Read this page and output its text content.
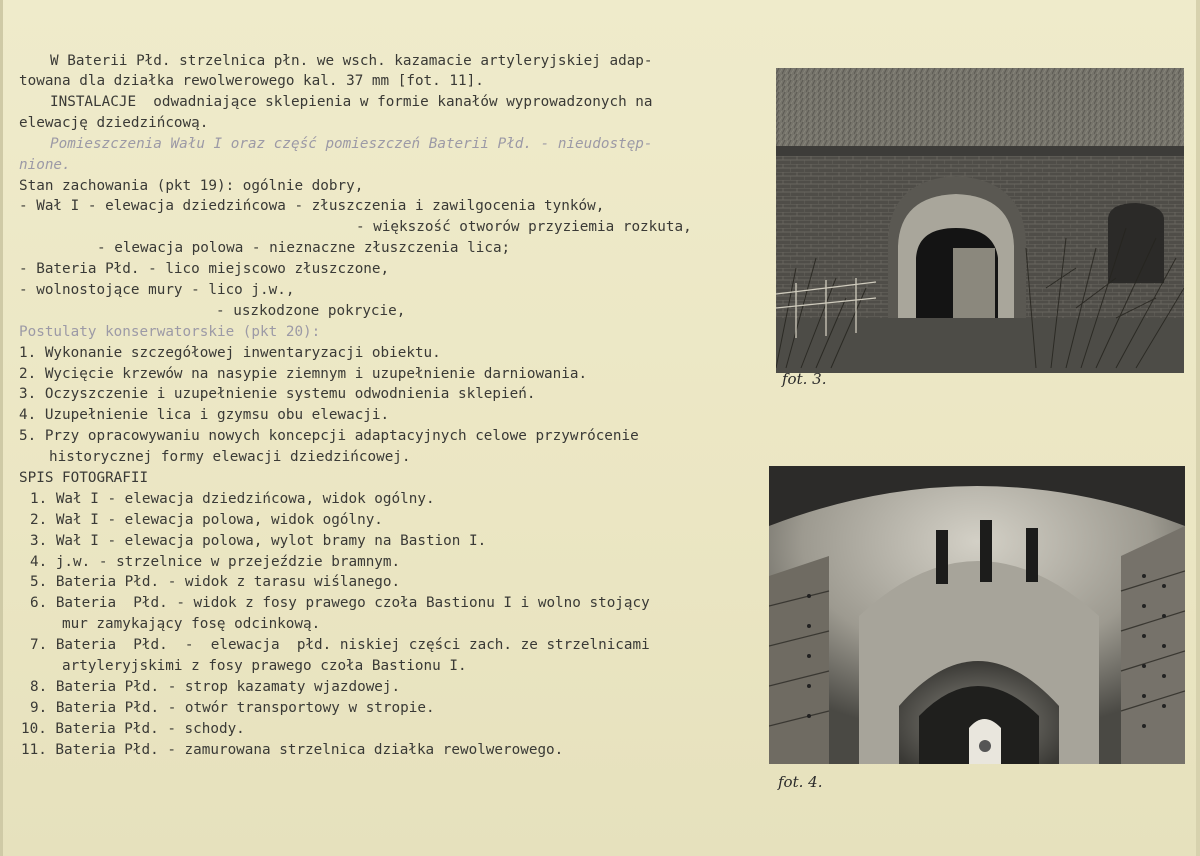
W Baterii Płd. strzelnica płn. we wsch. kazamacie artyleryjskiej adap-
towana dla działka rewolwerowego kal. 37 mm [fot. 11].
INSTALACJE  odwadniające sklepienia w formie kanałów wyprowadzonych na
elewację dziedzińcową.
Pomieszczenia Wału I oraz część pomieszczeń Baterii Płd. - nieudostęp-
nione.
Stan zachowania (pkt 19): ogólnie dobry,
- Wał I - elewacja dziedzińcowa - złuszczenia i zawilgocenia tynków,
- większość otworów przyziemia rozkuta,
- elewacja polowa - nieznaczne złuszczenia lica;
- Bateria Płd. - lico miejscowo złuszczone,
- wolnostojące mury - lico j.w.,
- uszkodzone pokrycie,
Postulaty konserwatorskie (pkt 20):
1. Wykonanie szczegółowej inwentaryzacji obiektu.
2. Wycięcie krzewów na nasypie ziemnym i uzupełnienie darniowania.
3. Oczyszczenie i uzupełnienie systemu odwodnienia sklepień.
4. Uzupełnienie lica i gzymsu obu elewacji.
5. Przy opracowywaniu nowych koncepcji adaptacyjnych celowe przywrócenie
historycznej formy elewacji dziedzińcowej.
SPIS FOTOGRAFII
1. Wał I - elewacja dziedzińcowa, widok ogólny.
2. Wał I - elewacja polowa, widok ogólny.
3. Wał I - elewacja polowa, wylot bramy na Bastion I.
4. j.w. - strzelnice w przejeździe bramnym.
5. Bateria Płd. - widok z tarasu wiślanego.
6. Bateria  Płd. - widok z fosy prawego czoła Bastionu I i wolno stojący
mur zamykający fosę odcinkową.
7. Bateria  Płd.  -  elewacja  płd. niskiej części zach. ze strzelnicami
artyleryjskimi z fosy prawego czoła Bastionu I.
8. Bateria Płd. - strop kazamaty wjazdowej.
9. Bateria Płd. - otwór transportowy w stropie.
10. Bateria Płd. - schody.
11. Bateria Płd. - zamurowana strzelnica działka rewolwerowego.
fot. 3.
fot. 4.
